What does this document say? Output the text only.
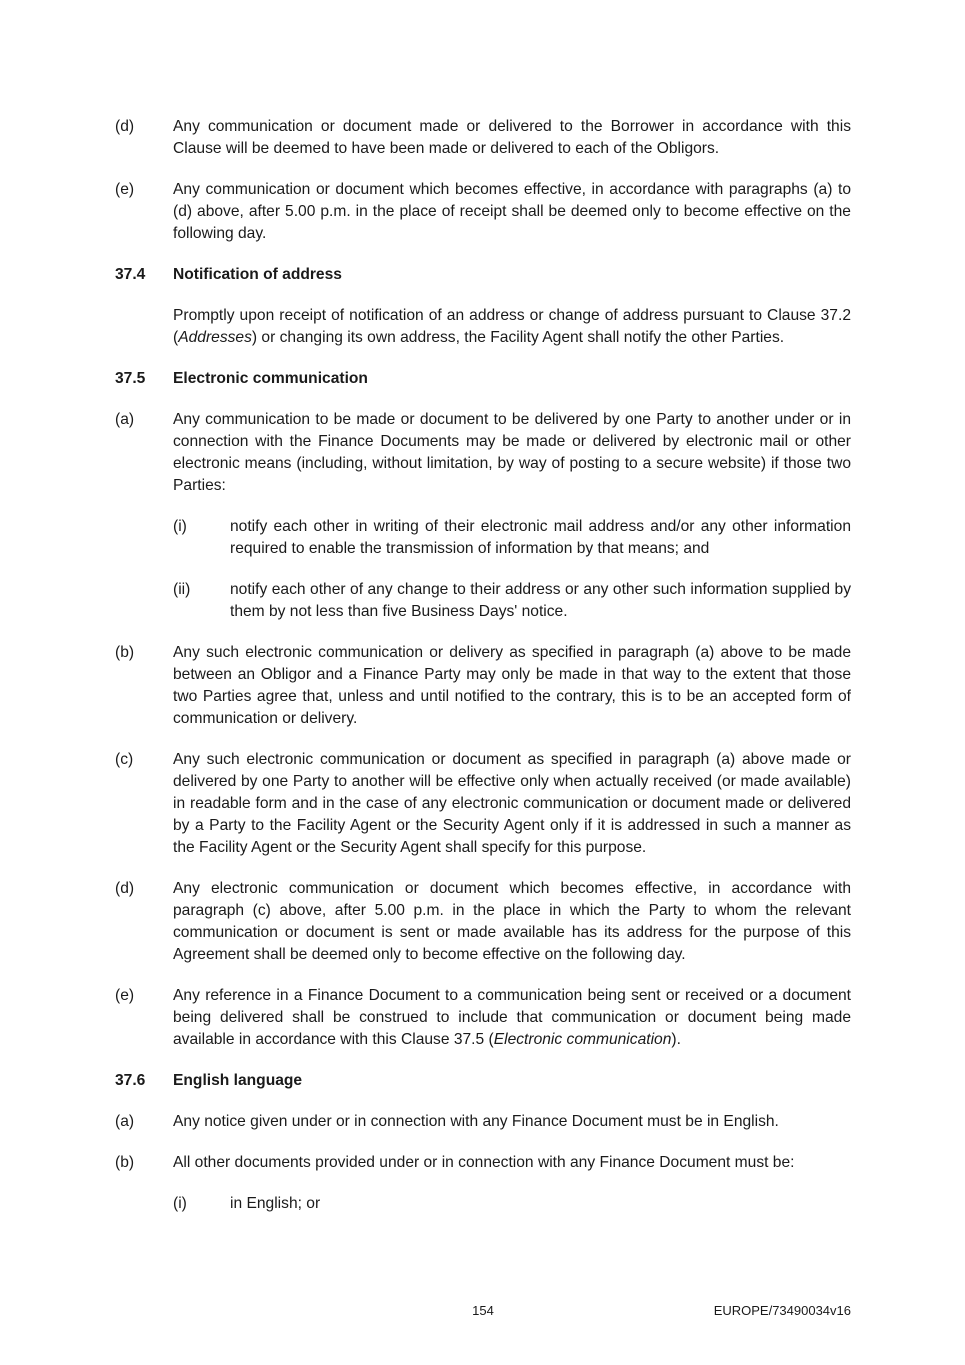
(d) Any communication or document made or delivered to the Borrower in accordance with this Clause will be deemed to have been made or delivered to each of the Obligors.
(e) Any communication or document which becomes effective, in accordance with paragraphs (a) to (d) above, after 5.00 p.m. in the place of receipt shall be deemed only to become effective on the following day.
37.4 Notification of address
Promptly upon receipt of notification of an address or change of address pursuant to Clause 37.2 (Addresses) or changing its own address, the Facility Agent shall notify the other Parties.
37.5 Electronic communication
(a) Any communication to be made or document to be delivered by one Party to another under or in connection with the Finance Documents may be made or delivered by electronic mail or other electronic means (including, without limitation, by way of posting to a secure website) if those two Parties:
(i)	notify each other in writing of their electronic mail address and/or any other information required to enable the transmission of information by that means; and
(ii)	notify each other of any change to their address or any other such information supplied by them by not less than five Business Days' notice.
(b) Any such electronic communication or delivery as specified in paragraph (a) above to be made between an Obligor and a Finance Party may only be made in that way to the extent that those two Parties agree that, unless and until notified to the contrary, this is to be an accepted form of communication or delivery.
(c)	Any such electronic communication or document as specified in paragraph (a) above made or delivered by one Party to another will be effective only when actually received (or made available) in readable form and in the case of any electronic communication or document made or delivered by a Party to the Facility Agent or the Security Agent only if it is addressed in such a manner as the Facility Agent or the Security Agent shall specify for this purpose.
(d) Any electronic communication or document which becomes effective, in accordance with paragraph (c) above, after 5.00 p.m. in the place in which the Party to whom the relevant communication or document is sent or made available has its address for the purpose of this Agreement shall be deemed only to become effective on the following day.
(e) Any reference in a Finance Document to a communication being sent or received or a document being delivered shall be construed to include that communication or document being made available in accordance with this Clause 37.5 (Electronic communication).
37.6 English language
(a) Any notice given under or in connection with any Finance Document must be in English.
(b) All other documents provided under or in connection with any Finance Document must be:
(i)	in English; or
154	EUROPE/73490034v16
